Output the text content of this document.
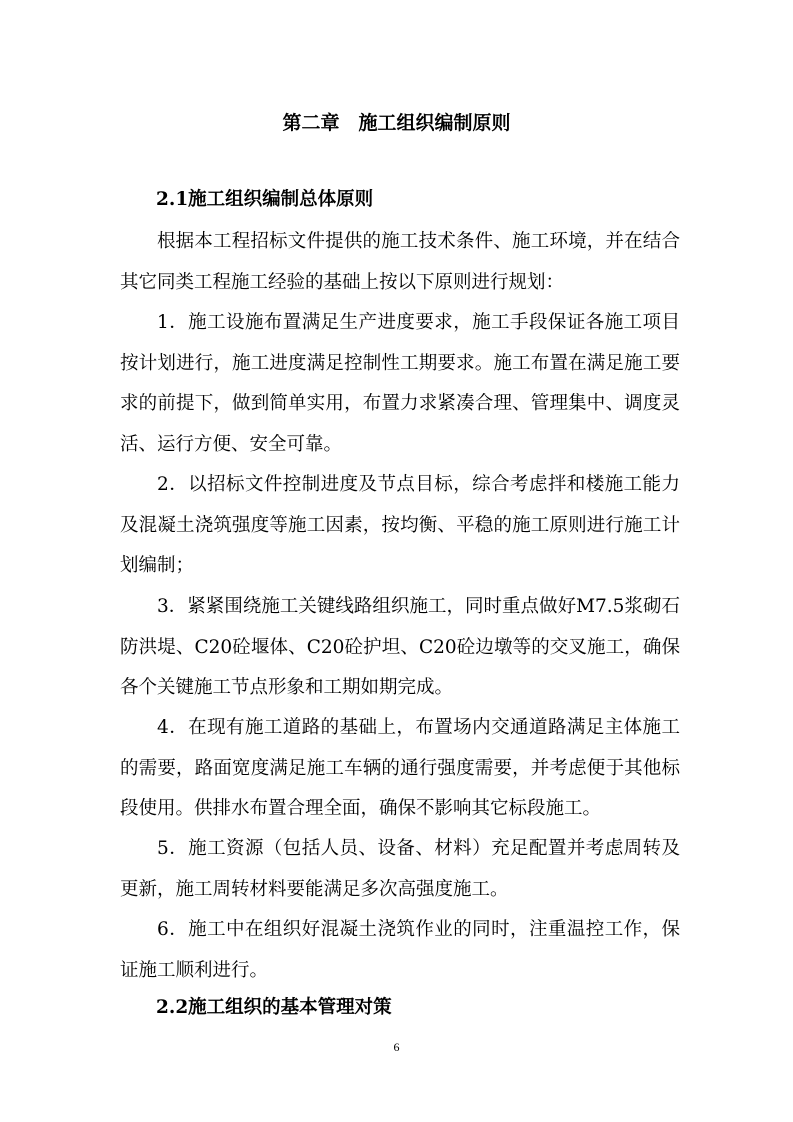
第二章　施工组织编制原则
2.1施工组织编制总体原则

根据本工程招标文件提供的施工技术条件、施工环境，并在结合其它同类工程施工经验的基础上按以下原则进行规划：

1．施工设施布置满足生产进度要求，施工手段保证各施工项目按计划进行，施工进度满足控制性工期要求。施工布置在满足施工要求的前提下，做到简单实用，布置力求紧凑合理、管理集中、调度灵活、运行方便、安全可靠。

2．以招标文件控制进度及节点目标，综合考虑拌和楼施工能力及混凝土浇筑强度等施工因素，按均衡、平稳的施工原则进行施工计划编制；

3．紧紧围绕施工关键线路组织施工，同时重点做好M7.5浆砌石防洪堤、C20砼堰体、C20砼护坦、C20砼边墩等的交叉施工，确保各个关键施工节点形象和工期如期完成。

4．在现有施工道路的基础上，布置场内交通道路满足主体施工的需要，路面宽度满足施工车辆的通行强度需要，并考虑便于其他标段使用。供排水布置合理全面，确保不影响其它标段施工。

5．施工资源（包括人员、设备、材料）充足配置并考虑周转及更新，施工周转材料要能满足多次高强度施工。

6．施工中在组织好混凝土浇筑作业的同时，注重温控工作，保证施工顺利进行。

2.2施工组织的基本管理对策
6
